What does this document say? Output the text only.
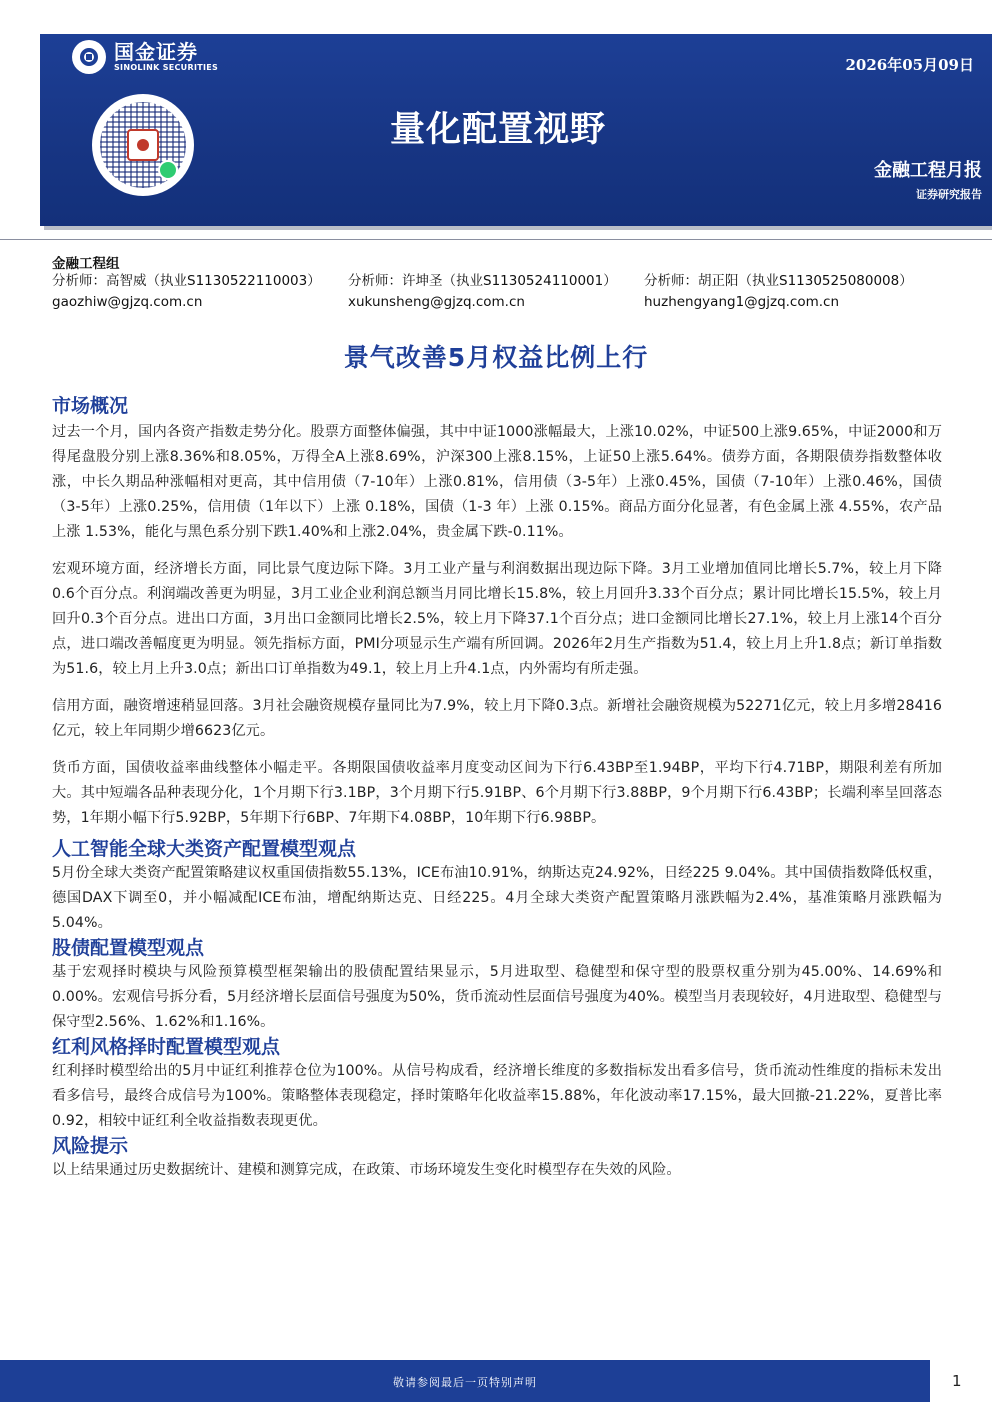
国金证券
SINOLINK SECURITIES	2026年05月09日
量化配置视野
金融工程月报
证券研究报告
金融工程组
分析师：高智威（执业S1130522110003）
gaozhiw@gjzq.com.cn
分析师：许坤圣（执业S1130524110001）
xukunsheng@gjzq.com.cn
分析师：胡正阳（执业S1130525080008）
huzhengyang1@gjzq.com.cn
景气改善5月权益比例上行
市场概况

过去一个月，国内各资产指数走势分化。股票方面整体偏强，其中中证1000涨幅最大，上涨10.02%，中证500上涨9.65%，中证2000和万得尾盘股分别上涨8.36%和8.05%，万得全A上涨8.69%，沪深300上涨8.15%，上证50上涨5.64%。债券方面，各期限债券指数整体收涨，中长久期品种涨幅相对更高，其中信用债（7-10年）上涨0.81%，信用债（3-5年）上涨0.45%，国债（7-10年）上涨0.46%，国债（3-5年）上涨0.25%，信用债（1年以下）上涨 0.18%，国债（1-3 年）上涨 0.15%。商品方面分化显著，有色金属上涨 4.55%，农产品上涨 1.53%，能化与黑色系分别下跌1.40%和上涨2.04%，贵金属下跌-0.11%。

宏观环境方面，经济增长方面，同比景气度边际下降。3月工业产量与利润数据出现边际下降。3月工业增加值同比增长5.7%，较上月下降0.6个百分点。利润端改善更为明显，3月工业企业利润总额当月同比增长15.8%，较上月回升3.33个百分点；累计同比增长15.5%，较上月回升0.3个百分点。进出口方面，3月出口金额同比增长2.5%，较上月下降37.1个百分点；进口金额同比增长27.1%，较上月上涨14个百分点，进口端改善幅度更为明显。领先指标方面，PMI分项显示生产端有所回调。2026年2月生产指数为51.4，较上月上升1.8点；新订单指数为51.6，较上月上升3.0点；新出口订单指数为49.1，较上月上升4.1点，内外需均有所走强。

信用方面，融资增速稍显回落。3月社会融资规模存量同比为7.9%，较上月下降0.3点。新增社会融资规模为52271亿元，较上月多增28416亿元，较上年同期少增6623亿元。

货币方面，国债收益率曲线整体小幅走平。各期限国债收益率月度变动区间为下行6.43BP至1.94BP，平均下行4.71BP，期限利差有所加大。其中短端各品种表现分化，1个月期下行3.1BP，3个月期下行5.91BP、6个月期下行3.88BP，9个月期下行6.43BP；长端利率呈回落态势，1年期小幅下行5.92BP，5年期下行6BP、7年期下4.08BP，10年期下行6.98BP。

人工智能全球大类资产配置模型观点

5月份全球大类资产配置策略建议权重国债指数55.13%，ICE布油10.91%，纳斯达克24.92%，日经225 9.04%。其中国债指数降低权重，德国DAX下调至0，并小幅减配ICE布油，增配纳斯达克、日经225。4月全球大类资产配置策略月涨跌幅为2.4%，基准策略月涨跌幅为5.04%。

股债配置模型观点

基于宏观择时模块与风险预算模型框架输出的股债配置结果显示，5月进取型、稳健型和保守型的股票权重分别为45.00%、14.69%和0.00%。宏观信号拆分看，5月经济增长层面信号强度为50%，货币流动性层面信号强度为40%。模型当月表现较好，4月进取型、稳健型与保守型2.56%、1.62%和1.16%。

红利风格择时配置模型观点

红利择时模型给出的5月中证红利推荐仓位为100%。从信号构成看，经济增长维度的多数指标发出看多信号，货币流动性维度的指标未发出看多信号，最终合成信号为100%。策略整体表现稳定，择时策略年化收益率15.88%，年化波动率17.15%，最大回撤-21.22%，夏普比率0.92，相较中证红利全收益指数表现更优。

风险提示

以上结果通过历史数据统计、建模和测算完成，在政策、市场环境发生变化时模型存在失效的风险。

敬请参阅最后一页特别声明	1
